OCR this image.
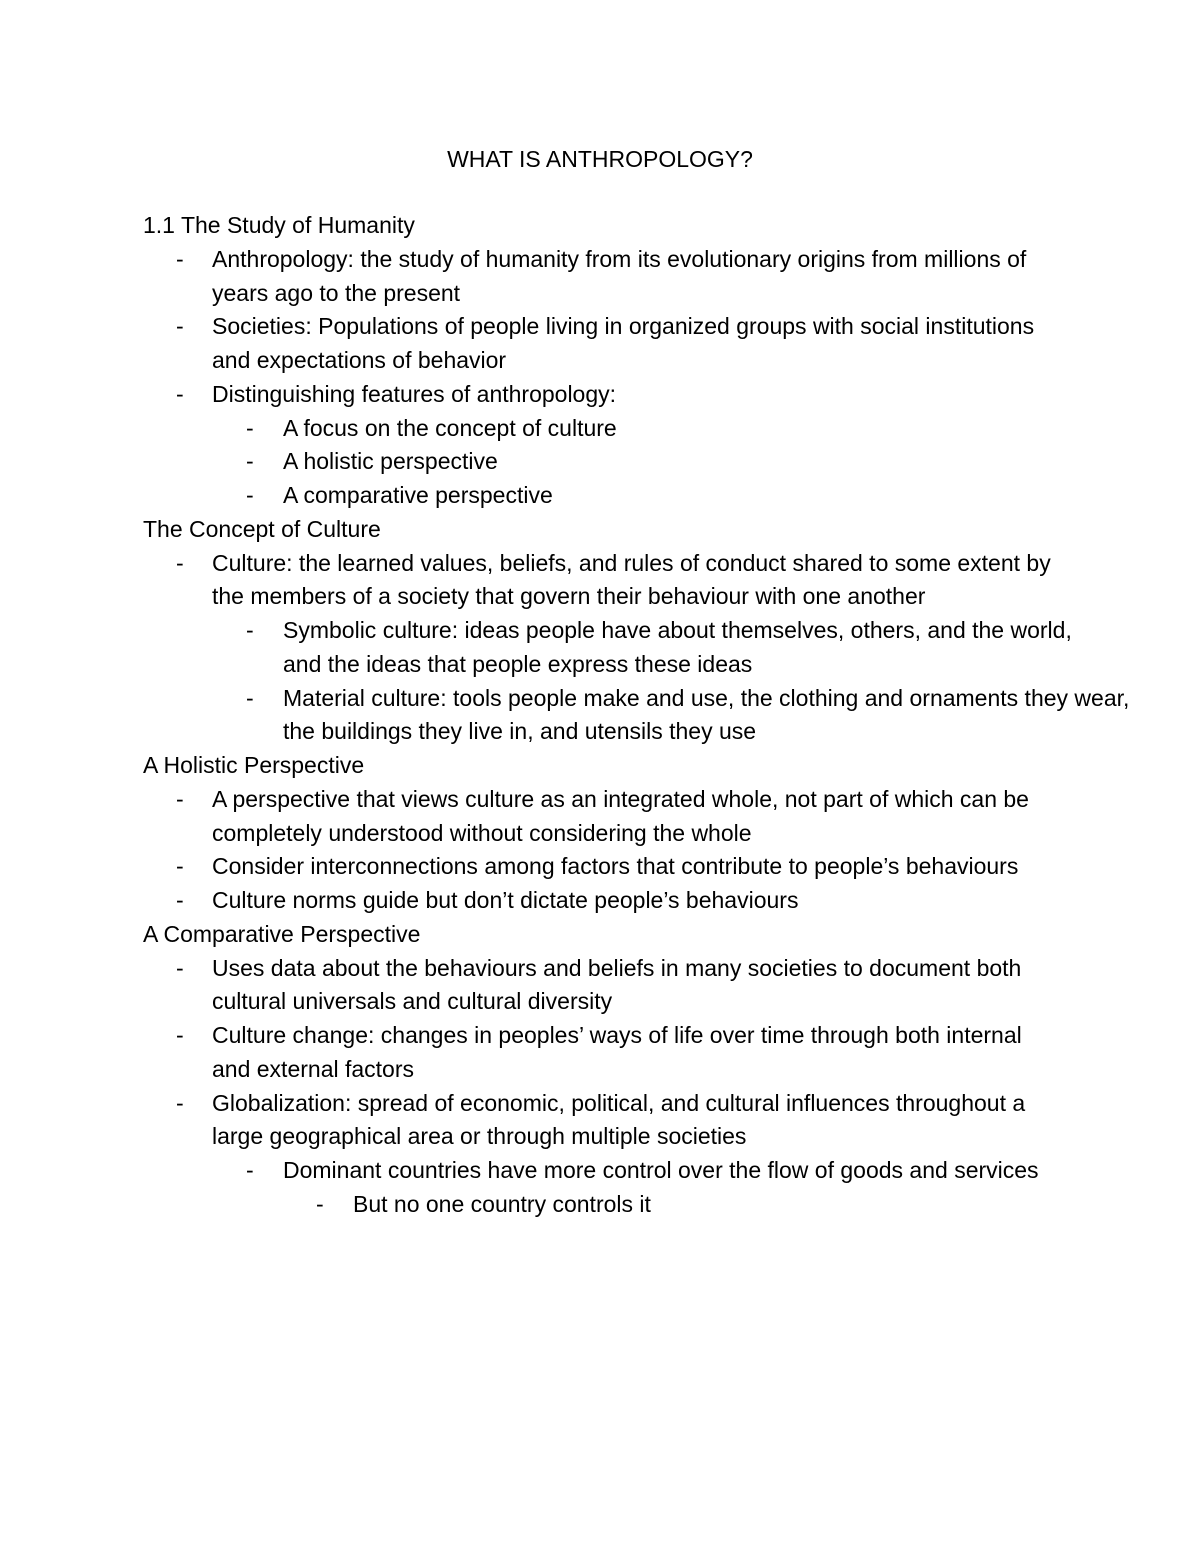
WHAT IS ANTHROPOLOGY?
1.1 The Study of Humanity
- Anthropology: the study of humanity from its evolutionary origins from millions of years ago to the present
- Societies: Populations of people living in organized groups with social institutions and expectations of behavior
- Distinguishing features of anthropology:
- A focus on the concept of culture
- A holistic perspective
- A comparative perspective
The Concept of Culture
- Culture: the learned values, beliefs, and rules of conduct shared to some extent by the members of a society that govern their behaviour with one another
- Symbolic culture: ideas people have about themselves, others, and the world, and the ideas that people express these ideas
- Material culture: tools people make and use, the clothing and ornaments they wear, the buildings they live in, and utensils they use
A Holistic Perspective
- A perspective that views culture as an integrated whole, not part of which can be completely understood without considering the whole
- Consider interconnections among factors that contribute to people’s behaviours
- Culture norms guide but don’t dictate people’s behaviours
A Comparative Perspective
- Uses data about the behaviours and beliefs in many societies to document both cultural universals and cultural diversity
- Culture change: changes in peoples’ ways of life over time through both internal and external factors
- Globalization: spread of economic, political, and cultural influences throughout a large geographical area or through multiple societies
- Dominant countries have more control over the flow of goods and services
- But no one country controls it
